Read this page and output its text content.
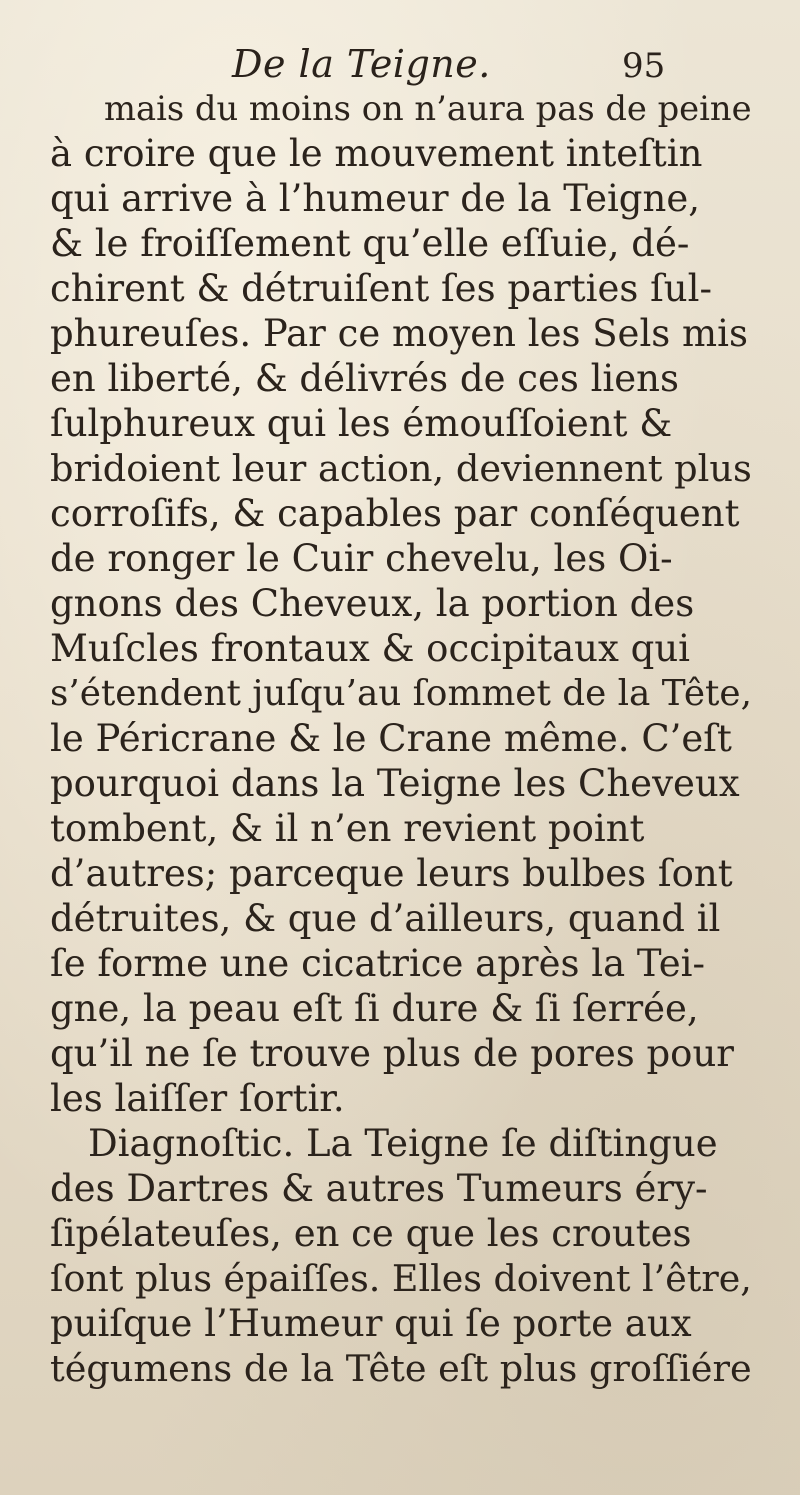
De la Teigne.	95
mais du moins on n’aura pas de peine
à croire que le mouvement inteſtin
qui arrive à l’humeur de la Teigne,
& le froiſſement qu’elle eſſuie, dé-
chirent & détruiſent ſes parties ſul-
phureuſes. Par ce moyen les Sels mis
en liberté, & délivrés de ces liens
ſulphureux qui les émouſſoient &
bridoient leur action, deviennent plus
corroſifs, & capables par conſéquent
de ronger le Cuir chevelu, les Oi-
gnons des Cheveux, la portion des
Muſcles frontaux & occipitaux qui
s’étendent juſqu’au ſommet de la Tête,
le Péricrane & le Crane même. C’eſt
pourquoi dans la Teigne les Cheveux
tombent, & il n’en revient point
d’autres; parceque leurs bulbes ſont
détruites, & que d’ailleurs, quand il
ſe forme une cicatrice après la Tei-
gne, la peau eſt ſi dure & ſi ſerrée,
qu’il ne ſe trouve plus de pores pour
les laiſſer ſortir.
Diagnoſtic. La Teigne ſe diſtingue
des Dartres & autres Tumeurs éry-
ſipélateuſes, en ce que les croutes
ſont plus épaiſſes. Elles doivent l’être,
puiſque l’Humeur qui ſe porte aux
tégumens de la Tête eſt plus groſſiére
